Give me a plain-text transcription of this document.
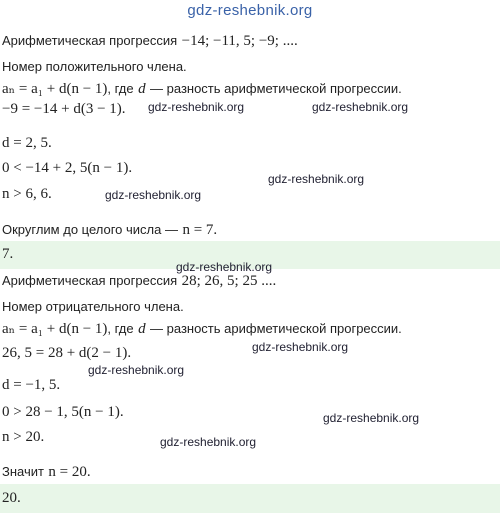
gdz-reshebnik.org
Арифметическая прогрессия −14; −11, 5; −9; ....
Номер положительного члена.
aₙ = a₁ + d(n − 1), где d — разность арифметической прогрессии.
−9 = −14 + d(3 − 1).
d = 2, 5.
0 < −14 + 2, 5(n − 1).
n > 6, 6.
Округлим до целого числа — n = 7.
7.
Арифметическая прогрессия 28; 26, 5; 25 ....
Номер отрицательного члена.
aₙ = a₁ + d(n − 1), где d — разность арифметической прогрессии.
26, 5 = 28 + d(2 − 1).
d = −1, 5.
0 > 28 − 1, 5(n − 1).
n > 20.
Значит n = 20.
20.
gdz-reshebnik.org	gdz-reshebnik.org
gdz-reshebnik.org
gdz-reshebnik.org
gdz-reshebnik.org
gdz-reshebnik.org
gdz-reshebnik.org
gdz-reshebnik.org
gdz-reshebnik.org
